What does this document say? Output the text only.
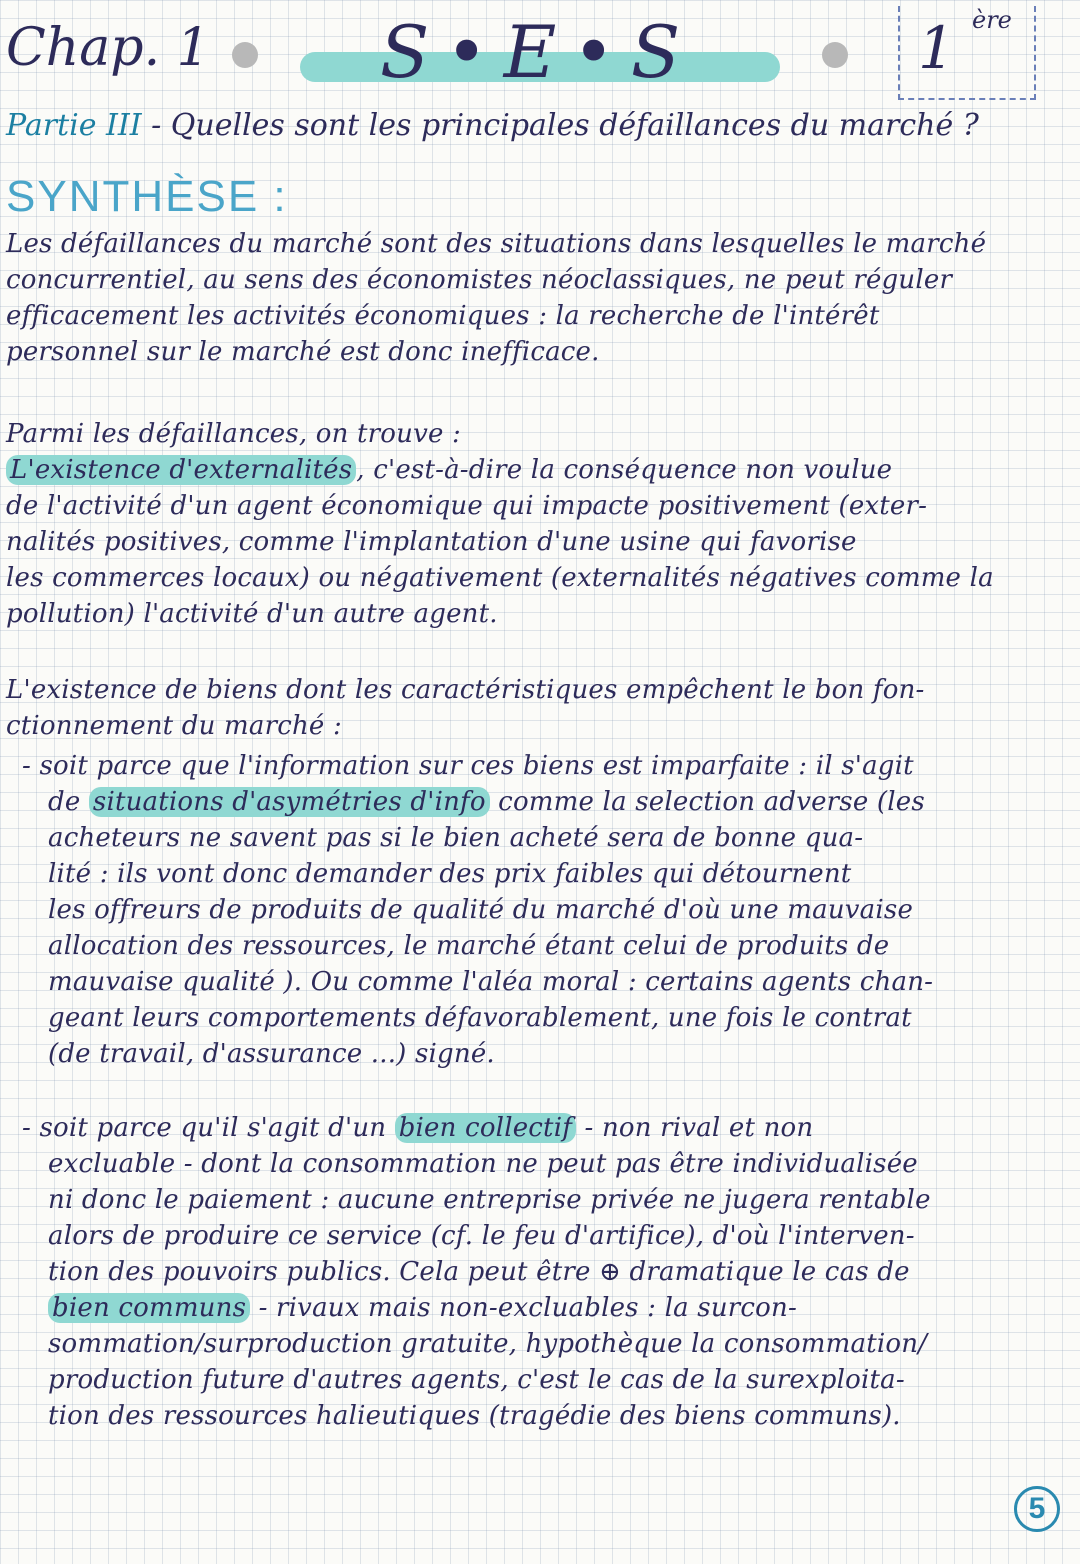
Chap. 1 S•E•S	1 ère
Partie III - Quelles sont les principales défaillances du marché ?
SYNTHÈSE :
Les défaillances du marché sont des situations dans lesquelles le marché
concurrentiel, au sens des économistes néoclassiques, ne peut réguler
efficacement les activités économiques : la recherche de l'intérêt
personnel sur le marché est donc inefficace.
Parmi les défaillances, on trouve :
L'existence d'externalités , c'est-à-dire la conséquence non voulue
de l'activité d'un agent économique qui impacte positivement (exter-
nalités positives, comme l'implantation d'une usine qui favorise
les commerces locaux) ou négativement (externalités négatives comme la
pollution) l'activité d'un autre agent.
L'existence de biens dont les caractéristiques empêchent le bon fon-
ctionnement du marché :
- soit parce que l'information sur ces biens est imparfaite : il s'agit
de situations d'asymétries d'info comme la selection adverse (les
acheteurs ne savent pas si le bien acheté sera de bonne qua-
lité : ils vont donc demander des prix faibles qui détournent
les offreurs de produits de qualité du marché d'où une mauvaise
allocation des ressources, le marché étant celui de produits de
mauvaise qualité ). Ou comme l'aléa moral : certains agents chan-
geant leurs comportements défavorablement, une fois le contrat
(de travail, d'assurance ...) signé.
- soit parce qu'il s'agit d'un bien collectif - non rival et non
excluable - dont la consommation ne peut pas être individualisée
ni donc le paiement : aucune entreprise privée ne jugera rentable
alors de produire ce service (cf. le feu d'artifice), d'où l'interven-
tion des pouvoirs publics. Cela peut être ⊕ dramatique le cas de
bien communs - rivaux mais non-excluables : la surcon-
sommation/surproduction gratuite, hypothèque la consommation/
production future d'autres agents, c'est le cas de la surexploita-
tion des ressources halieutiques (tragédie des biens communs).
5
